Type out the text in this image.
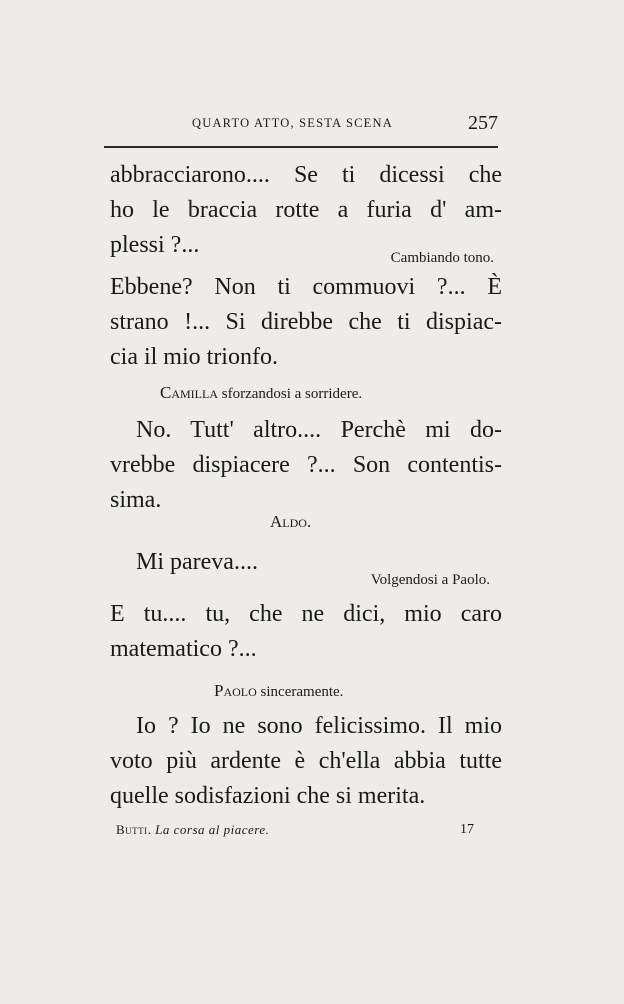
QUARTO ATTO, SESTA SCENA	257
abbracciarono.... Se ti dicessi che
ho le braccia rotte a furia d' am-
plessi ?...	Cambiando tono.
Ebbene? Non ti commuovi ?... È
strano !... Si direbbe che ti dispiac-
cia il mio trionfo.
Camilla sforzandosi a sorridere.
No. Tutt' altro.... Perchè mi do-
vrebbe dispiacere ?... Son contentis-
sima.
Aldo.
Mi pareva....
Volgendosi a Paolo.
E tu.... tu, che ne dici, mio caro
matematico ?...
Paolo sinceramente.
Io ? Io ne sono felicissimo. Il mio
voto più ardente è ch'ella abbia tutte
quelle sodisfazioni che si merita.
Butti. La corsa al piacere.	17
